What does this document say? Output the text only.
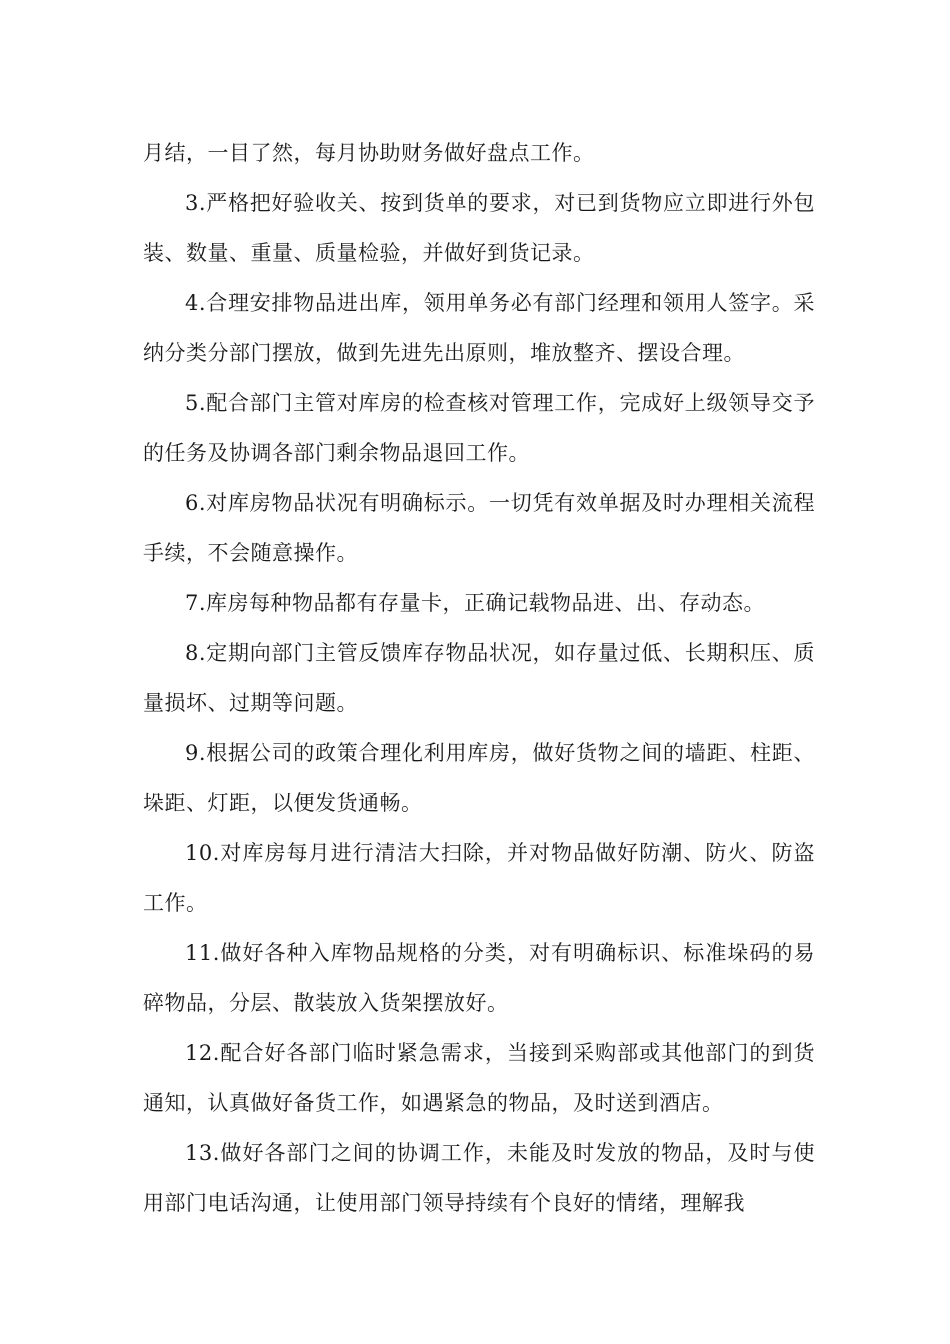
月结，一目了然，每月协助财务做好盘点工作。

3.严格把好验收关、按到货单的要求，对已到货物应立即进行外包装、数量、重量、质量检验，并做好到货记录。

4.合理安排物品进出库，领用单务必有部门经理和领用人签字。采纳分类分部门摆放，做到先进先出原则，堆放整齐、摆设合理。

5.配合部门主管对库房的检查核对管理工作，完成好上级领导交予的任务及协调各部门剩余物品退回工作。

6.对库房物品状况有明确标示。一切凭有效单据及时办理相关流程手续，不会随意操作。

7.库房每种物品都有存量卡，正确记载物品进、出、存动态。

8.定期向部门主管反馈库存物品状况，如存量过低、长期积压、质量损坏、过期等问题。

9.根据公司的政策合理化利用库房，做好货物之间的墙距、柱距、垛距、灯距，以便发货通畅。

10.对库房每月进行清洁大扫除，并对物品做好防潮、防火、防盗工作。

11.做好各种入库物品规格的分类，对有明确标识、标准垛码的易碎物品，分层、散装放入货架摆放好。

12.配合好各部门临时紧急需求，当接到采购部或其他部门的到货通知，认真做好备货工作，如遇紧急的物品，及时送到酒店。

13.做好各部门之间的协调工作，未能及时发放的物品，及时与使用部门电话沟通，让使用部门领导持续有个良好的情绪，理解我
